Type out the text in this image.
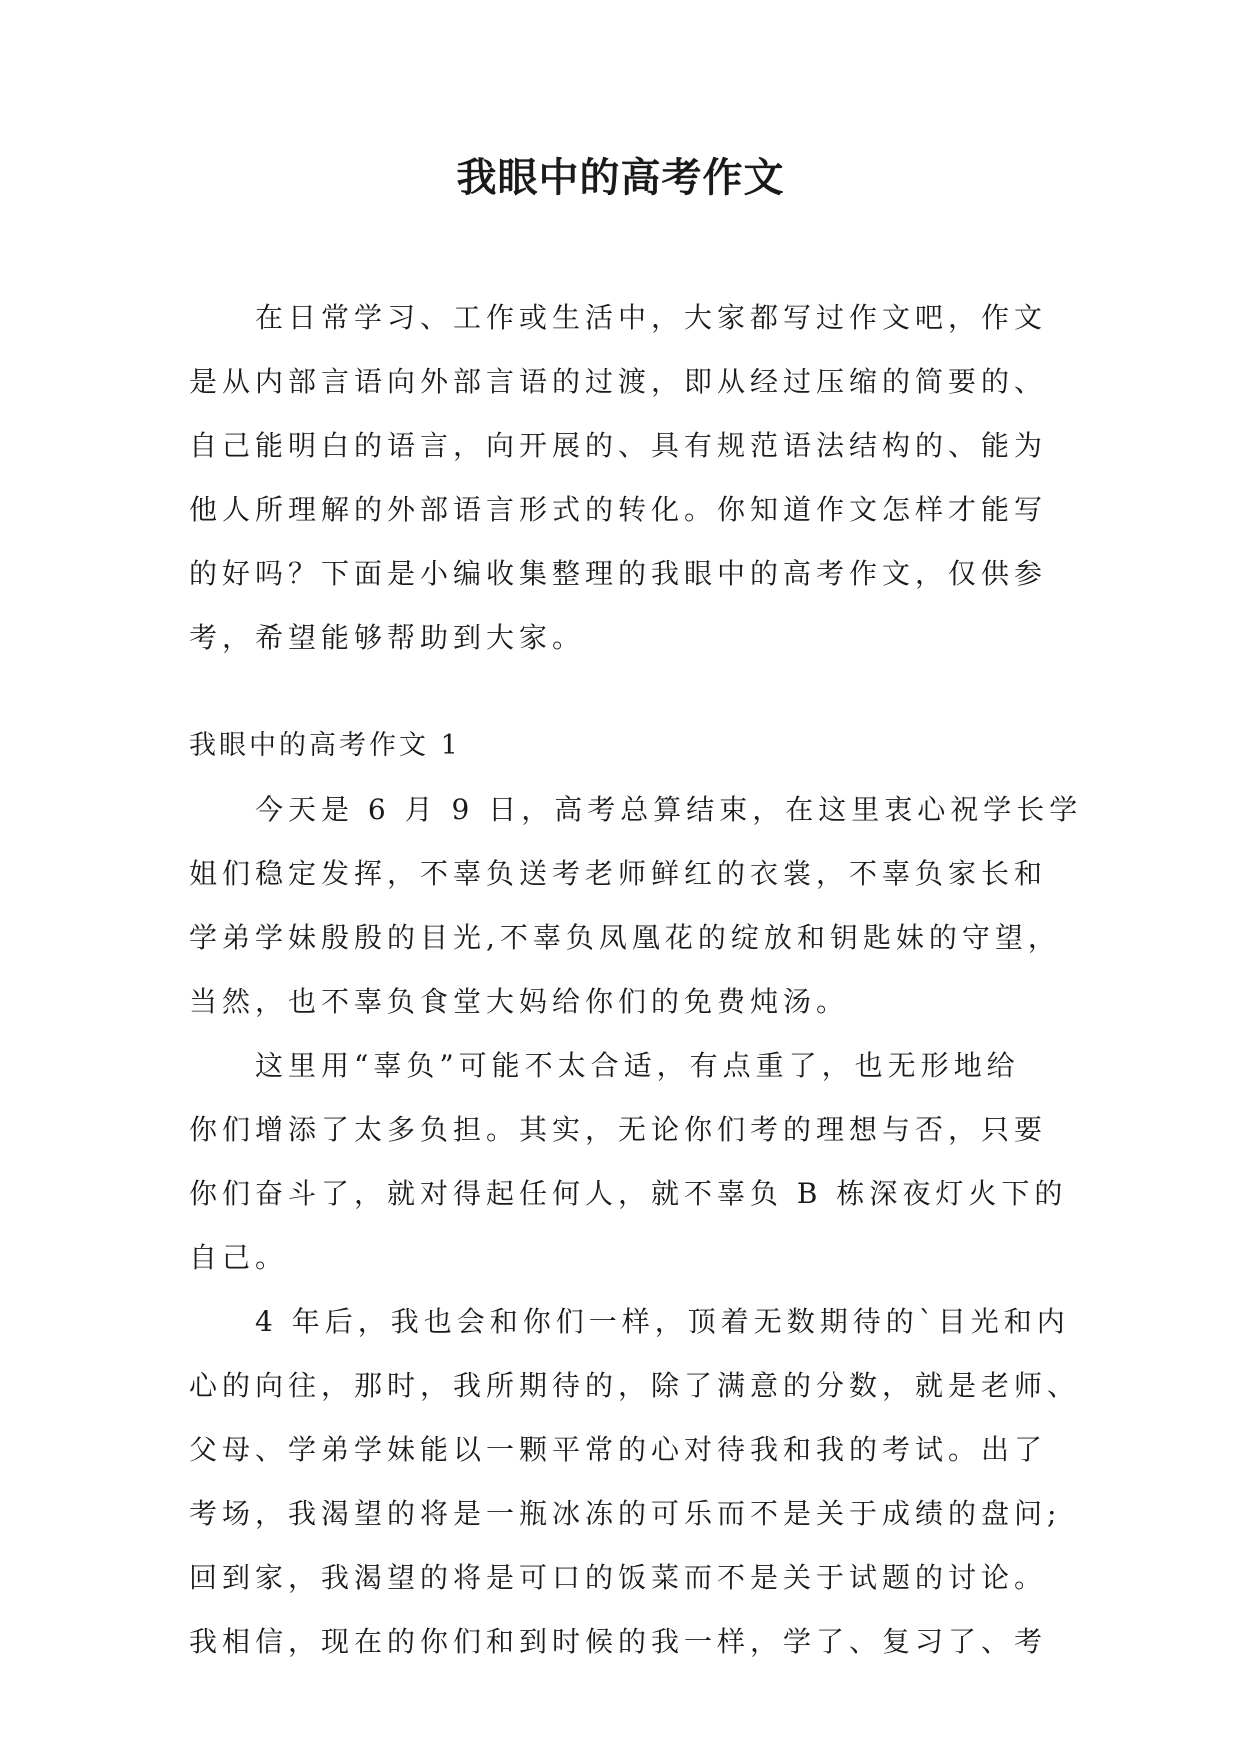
我眼中的高考作文
在日常学习、工作或生活中，大家都写过作文吧，作文
是从内部言语向外部言语的过渡，即从经过压缩的简要的、
自己能明白的语言，向开展的、具有规范语法结构的、能为
他人所理解的外部语言形式的转化。你知道作文怎样才能写
的好吗？下面是小编收集整理的我眼中的高考作文，仅供参
考，希望能够帮助到大家。
我眼中的高考作文 1
今天是 6 月 9 日，高考总算结束，在这里衷心祝学长学
姐们稳定发挥，不辜负送考老师鲜红的衣裳，不辜负家长和
学弟学妹殷殷的目光,不辜负凤凰花的绽放和钥匙妹的守望，
当然，也不辜负食堂大妈给你们的免费炖汤。
这里用“辜负”可能不太合适，有点重了，也无形地给
你们增添了太多负担。其实，无论你们考的理想与否，只要
你们奋斗了，就对得起任何人，就不辜负 B 栋深夜灯火下的
自己。
4 年后，我也会和你们一样，顶着无数期待的`目光和内
心的向往，那时，我所期待的，除了满意的分数，就是老师、
父母、学弟学妹能以一颗平常的心对待我和我的考试。出了
考场，我渴望的将是一瓶冰冻的可乐而不是关于成绩的盘问;
回到家，我渴望的将是可口的饭菜而不是关于试题的讨论。
我相信，现在的你们和到时候的我一样，学了、复习了、考
